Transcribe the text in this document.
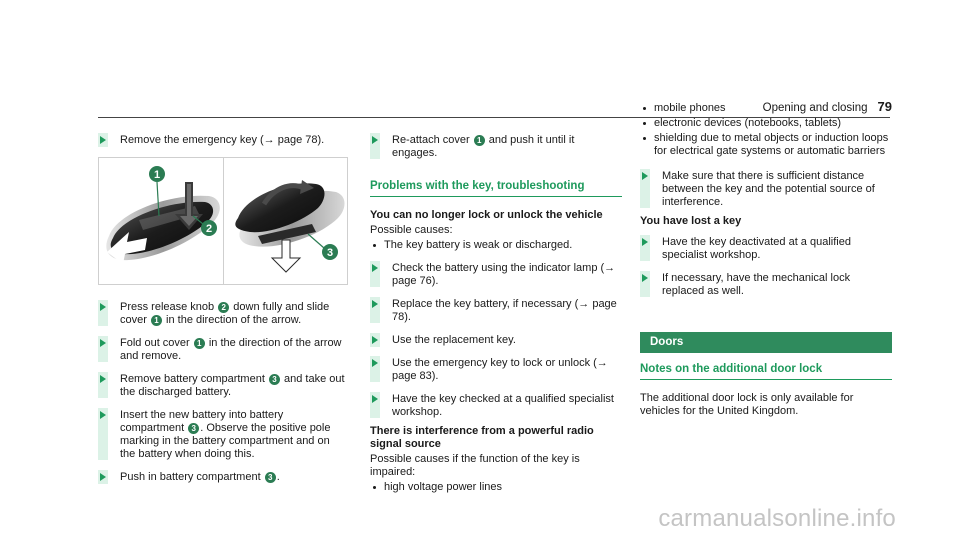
Opening and closing 79
Remove the emergency key (→ page 78).
1
2
3
Press release knob 2 down fully and slide cover 1 in the direction of the arrow.
Fold out cover 1 in the direction of the arrow and remove.
Remove battery compartment 3 and take out the discharged battery.
Insert the new battery into battery compartment 3 . Observe the positive pole marking in the battery compartment and on the battery when doing this.
Push in battery compartment 3 .
Re-attach cover 1 and push it until it engages.
Problems with the key, troubleshooting
You can no longer lock or unlock the vehicle
Possible causes:
The key battery is weak or discharged.
Check the battery using the indicator lamp (→ page 76).
Replace the key battery, if necessary (→ page 78).
Use the replacement key.
Use the emergency key to lock or unlock (→ page 83).
Have the key checked at a qualified specialist workshop.
There is interference from a powerful radio signal source
Possible causes if the function of the key is impaired:
high voltage power lines
mobile phones
electronic devices (notebooks, tablets)
shielding due to metal objects or induction loops for electrical gate systems or automatic barriers
Make sure that there is sufficient distance between the key and the potential source of interference.
You have lost a key
Have the key deactivated at a qualified specialist workshop.
If necessary, have the mechanical lock replaced as well.
Doors
Notes on the additional door lock
The additional door lock is only available for vehicles for the United Kingdom.
carmanualsonline.info
